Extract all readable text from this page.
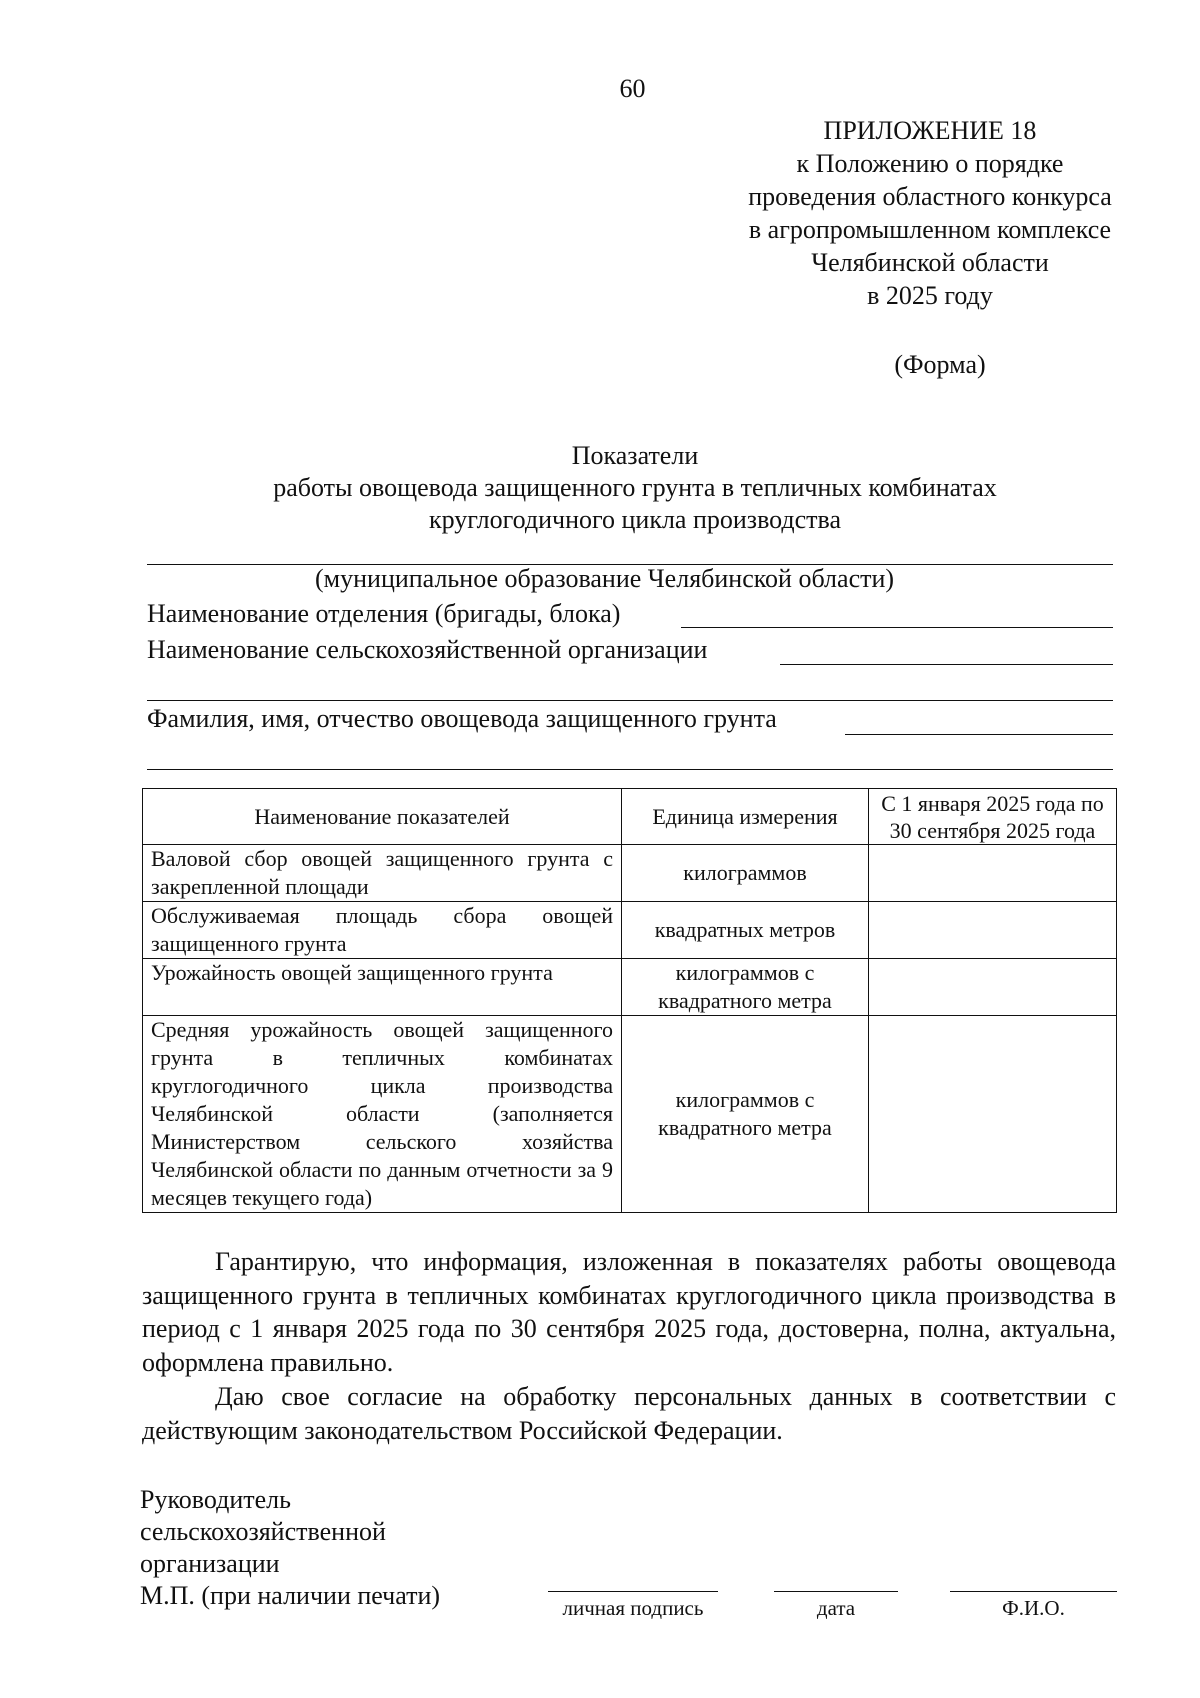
60
ПРИЛОЖЕНИЕ 18
к Положению о порядке
проведения областного конкурса
в агропромышленном комплексе
Челябинской области
в 2025 году
(Форма)
Показатели
работы овощевода защищенного грунта в тепличных комбинатах
круглогодичного цикла производства
(муниципальное образование Челябинской области)
Наименование отделения (бригады, блока)
Наименование сельскохозяйственной организации
Фамилия, имя, отчество овощевода защищенного грунта
Наименование показателей	Единица измерения	С 1 января 2025 года по 30 сентября 2025 года
Валовой сбор овощей защищенного грунта с закрепленной площади	килограммов	
Обслуживаемая площадь сбора овощей защищенного грунта	квадратных метров	
Урожайность овощей защищенного грунта	килограммов с квадратного метра	
Средняя урожайность овощей защищенного грунта в тепличных комбинатах круглогодичного цикла производства Челябинской области (заполняется Министерством сельского хозяйства Челябинской области по данным отчетности за 9 месяцев текущего года)	килограммов с квадратного метра	
Гарантирую, что информация, изложенная в показателях работы овощевода защищенного грунта в тепличных комбинатах круглогодичного цикла производства в период с 1 января 2025 года по 30 сентября 2025 года, достоверна, полна, актуальна, оформлена правильно.
Даю свое согласие на обработку персональных данных в соответствии с действующим законодательством Российской Федерации.
Руководитель
сельскохозяйственной
организации
М.П. (при наличии печати)	личная подпись	дата	Ф.И.О.
